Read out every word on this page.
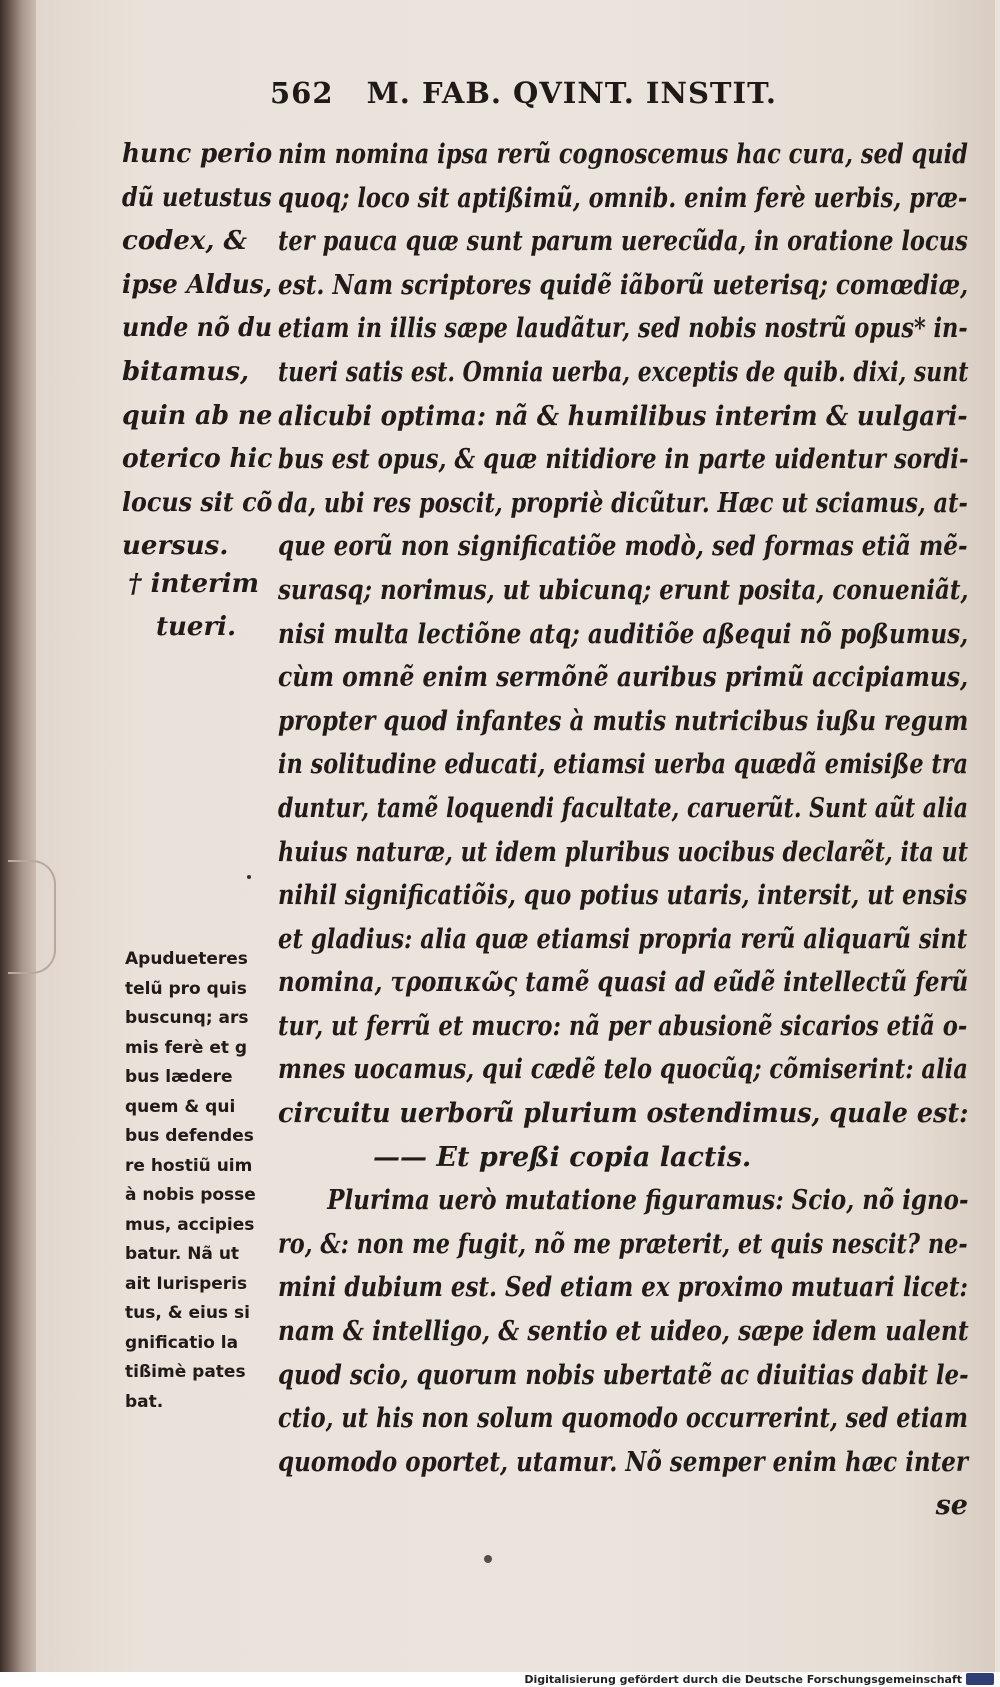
562 M. FAB. QVINT. INSTIT.
hunc perio
dũ uetustus
codex, &
ipse Aldus,
unde nõ du
bitamus,
quin ab ne
oterico hic
locus sit cõ
uersus.
† interim
tueri.
Apudueteres
telũ pro quis
buscunq; ars
mis ferè et g
bus lædere
quem & qui
bus defendes
re hostiũ uim
à nobis posse
mus, accipies
batur. Nã ut
ait Iurisperis
tus, & eius si
gnificatio la
tißimè pates
bat.
nim nomina ipsa rerũ cognoscemus hac cura, sed quid
quoq; loco sit aptißimũ, omnib. enim ferè uerbis, præ-
ter pauca quæ sunt parum uerecũda, in oratione locus
est. Nam scriptores quidẽ iãborũ ueterisq; comœdiæ,
etiam in illis sæpe laudãtur, sed nobis nostrũ opus* in-
tueri satis est. Omnia uerba, exceptis de quib. dixi, sunt
alicubi optima: nã & humilibus interim & uulgari-
bus est opus, & quæ nitidiore in parte uidentur sordi-
da, ubi res poscit, propriè dicũtur. Hæc ut sciamus, at-
que eorũ non significatiõe modò, sed formas etiã mẽ-
surasq; norimus, ut ubicunq; erunt posita, conueniãt,
nisi multa lectiõne atq; auditiõe aßequi nõ poßumus,
cùm omnẽ enim sermõnẽ auribus primũ accipiamus,
propter quod infantes à mutis nutricibus iußu regum
in solitudine educati, etiamsi uerba quædã emisiße tra
duntur, tamẽ loquendi facultate, caruerũt. Sunt aũt alia
huius naturæ, ut idem pluribus uocibus declarẽt, ita ut
nihil significatiõis, quo potius utaris, intersit, ut ensis
et gladius: alia quæ etiamsi propria rerũ aliquarũ sint
nomina, τροπικῶς tamẽ quasi ad eũdẽ intellectũ ferũ
tur, ut ferrũ et mucro: nã per abusionẽ sicarios etiã o-
mnes uocamus, qui cædẽ telo quocũq; cõmiserint: alia
circuitu uerborũ plurium ostendimus, quale est:
—— Et preßi copia lactis.
Plurima uerò mutatione figuramus: Scio, nõ igno-
ro, &: non me fugit, nõ me præterit, et quis nescit? ne-
mini dubium est. Sed etiam ex proximo mutuari licet:
nam & intelligo, & sentio et uideo, sæpe idem ualent
quod scio, quorum nobis ubertatẽ ac diuitias dabit le-
ctio, ut his non solum quomodo occurrerint, sed etiam
quomodo oportet, utamur. Nõ semper enim hæc inter
se
Digitalisierung gefördert durch die Deutsche Forschungsgemeinschaft
